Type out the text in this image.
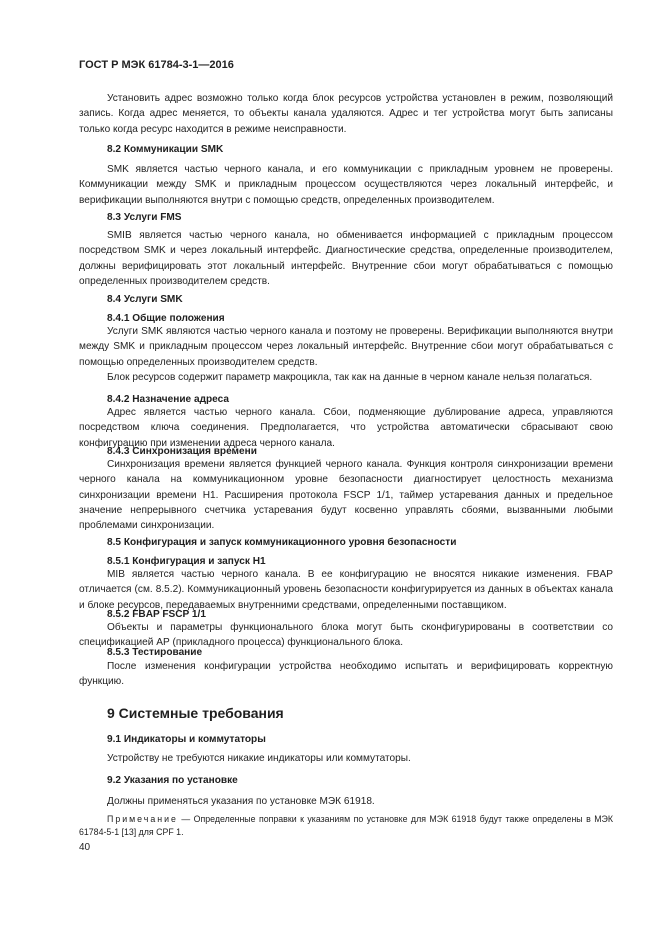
ГОСТ Р МЭК 61784-3-1—2016

Установить адрес возможно только когда блок ресурсов устройства установлен в режим, позволяющий запись. Когда адрес меняется, то объекты канала удаляются. Адрес и тег устройства могут быть записаны только когда ресурс находится в режиме неисправности.

8.2 Коммуникации SMK

SMK является частью черного канала, и его коммуникации с прикладным уровнем не проверены. Коммуникации между SMK и прикладным процессом осуществляются через локальный интерфейс, и верификации выполняются внутри с помощью средств, определенных производителем.

8.3 Услуги FMS

SMIB является частью черного канала, но обменивается информацией с прикладным процессом посредством SMK и через локальный интерфейс. Диагностические средства, определенные производителем, должны верифицировать этот локальный интерфейс. Внутренние сбои могут обрабатываться с помощью определенных производителем средств.

8.4 Услуги SMK
8.4.1 Общие положения

Услуги SMK являются частью черного канала и поэтому не проверены. Верификации выполняются внутри между SMK и прикладным процессом через локальный интерфейс. Внутренние сбои могут обрабатываться с помощью определенных производителем средств.

Блок ресурсов содержит параметр макроцикла, так как на данные в черном канале нельзя полагаться.

8.4.2 Назначение адреса

Адрес является частью черного канала. Сбои, подменяющие дублирование адреса, управляются посредством ключа соединения. Предполагается, что устройства автоматически сбрасывают свою конфигурацию при изменении адреса черного канала.

8.4.3 Синхронизация времени

Синхронизация времени является функцией черного канала. Функция контроля синхронизации времени черного канала на коммуникационном уровне безопасности диагностирует целостность механизма синхронизации времени Н1. Расширения протокола FSCP 1/1, таймер устаревания данных и предельное значение непрерывного счетчика устаревания будут косвенно управлять сбоями, вызванными любыми проблемами синхронизации.

8.5 Конфигурация и запуск коммуникационного уровня безопасности
8.5.1 Конфигурация и запуск Н1

MIB является частью черного канала. В ее конфигурацию не вносятся никакие изменения. FBAP отличается (см. 8.5.2). Коммуникационный уровень безопасности конфигурируется из данных в объектах канала и блоке ресурсов, передаваемых внутренними средствами, определенными поставщиком.

8.5.2 FBAP FSCP 1/1

Объекты и параметры функционального блока могут быть сконфигурированы в соответствии со спецификацией АР (прикладного процесса) функционального блока.

8.5.3 Тестирование

После изменения конфигурации устройства необходимо испытать и верифицировать корректную функцию.

9 Системные требования
9.1 Индикаторы и коммутаторы

Устройству не требуются никакие индикаторы или коммутаторы.

9.2 Указания по установке

Должны применяться указания по установке МЭК 61918.

Примечание — Определенные поправки к указаниям по установке для МЭК 61918 будут также определены в МЭК 61784-5-1 [13] для CPF 1.

40
